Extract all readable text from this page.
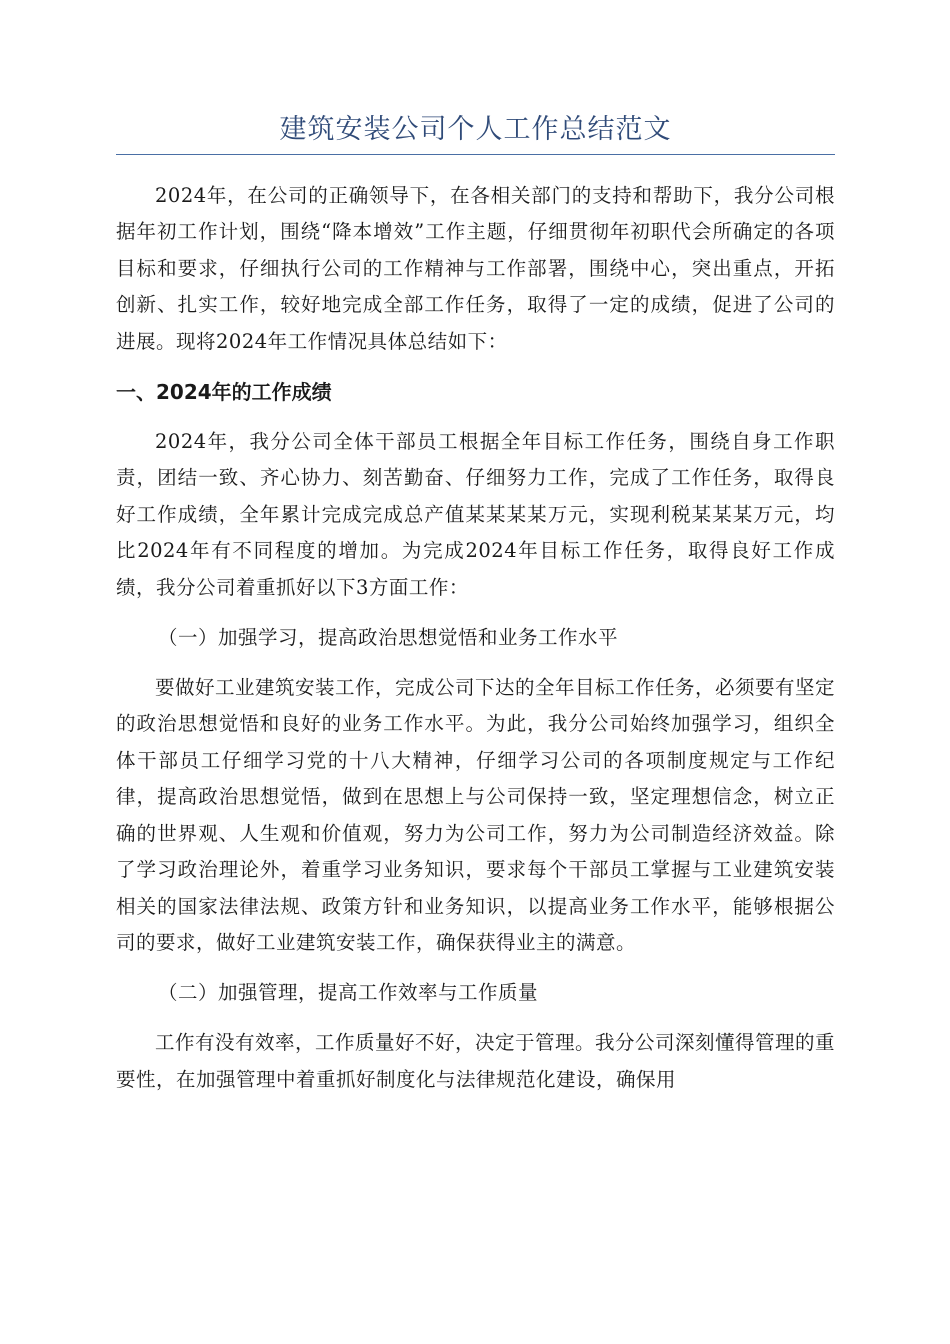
建筑安装公司个人工作总结范文

2024年，在公司的正确领导下，在各相关部门的支持和帮助下，我分公司根据年初工作计划，围绕“降本增效”工作主题，仔细贯彻年初职代会所确定的各项目标和要求，仔细执行公司的工作精神与工作部署，围绕中心，突出重点，开拓创新、扎实工作，较好地完成全部工作任务，取得了一定的成绩，促进了公司的进展。现将2024年工作情况具体总结如下：

一、2024年的工作成绩

2024年，我分公司全体干部员工根据全年目标工作任务，围绕自身工作职责，团结一致、齐心协力、刻苦勤奋、仔细努力工作，完成了工作任务，取得良好工作成绩，全年累计完成完成总产值某某某某万元，实现利税某某某万元，均比2024年有不同程度的增加。为完成2024年目标工作任务，取得良好工作成绩，我分公司着重抓好以下3方面工作：

（一）加强学习，提高政治思想觉悟和业务工作水平

要做好工业建筑安装工作，完成公司下达的全年目标工作任务，必须要有坚定的政治思想觉悟和良好的业务工作水平。为此，我分公司始终加强学习，组织全体干部员工仔细学习党的十八大精神，仔细学习公司的各项制度规定与工作纪律，提高政治思想觉悟，做到在思想上与公司保持一致，坚定理想信念，树立正确的世界观、人生观和价值观，努力为公司工作，努力为公司制造经济效益。除了学习政治理论外，着重学习业务知识，要求每个干部员工掌握与工业建筑安装相关的国家法律法规、政策方针和业务知识，以提高业务工作水平，能够根据公司的要求，做好工业建筑安装工作，确保获得业主的满意。

（二）加强管理，提高工作效率与工作质量

工作有没有效率，工作质量好不好，决定于管理。我分公司深刻懂得管理的重要性，在加强管理中着重抓好制度化与法律规范化建设，确保用
